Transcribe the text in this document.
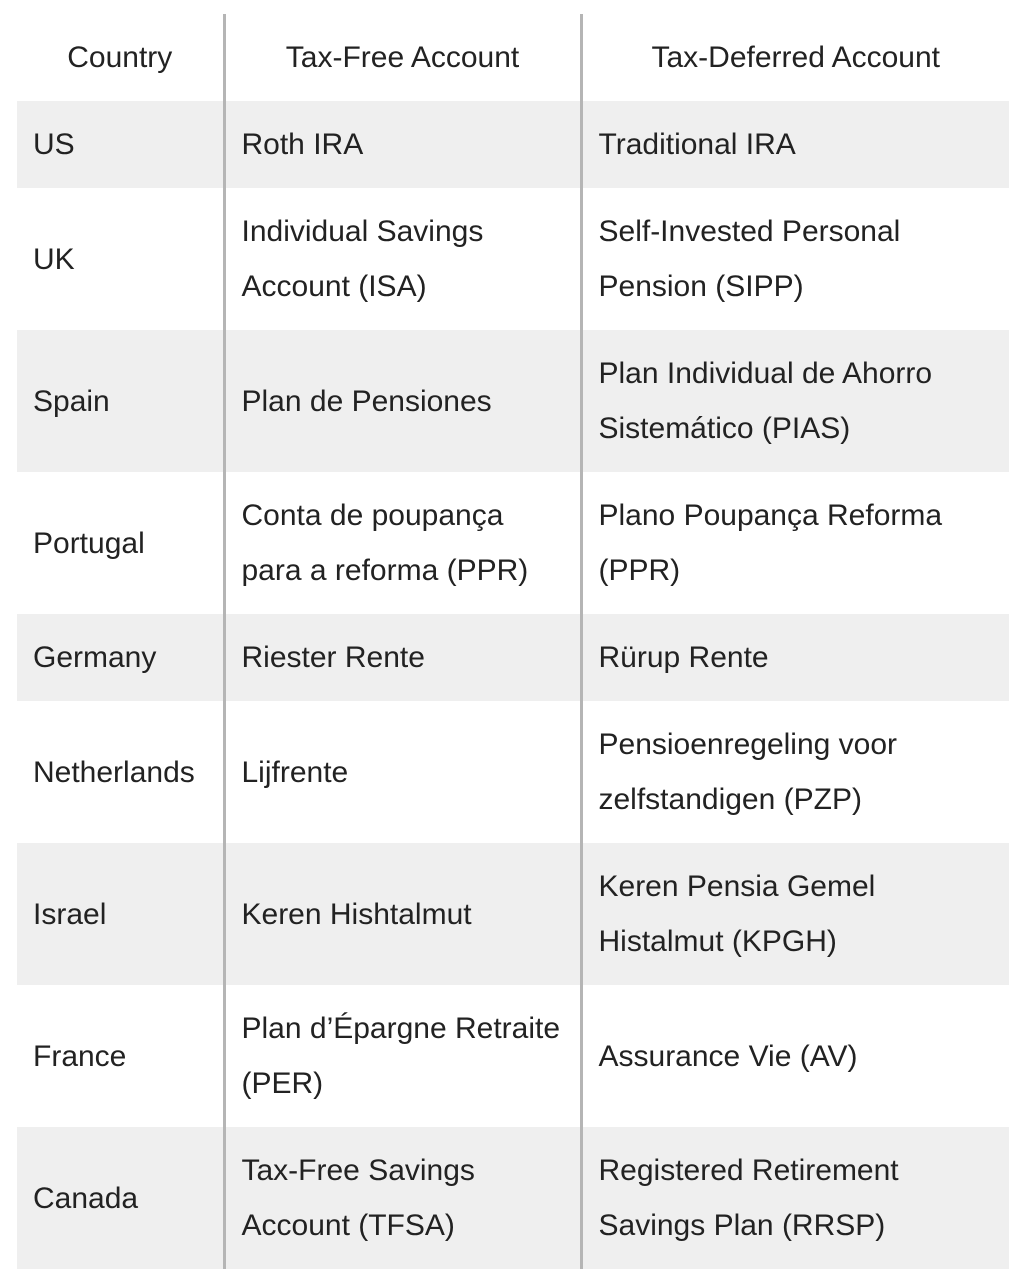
Country	Tax-Free Account	Tax-Deferred Account
US	Roth IRA	Traditional IRA
UK	Individual Savings Account (ISA)	Self-Invested Personal Pension (SIPP)
Spain	Plan de Pensiones	Plan Individual de Ahorro Sistemático (PIAS)
Portugal	Conta de poupança para a reforma (PPR)	Plano Poupança Reforma (PPR)
Germany	Riester Rente	Rürup Rente
Netherlands	Lijfrente	Pensioenregeling voor zelfstandigen (PZP)
Israel	Keren Hishtalmut	Keren Pensia Gemel Histalmut (KPGH)
France	Plan d’Épargne Retraite (PER)	Assurance Vie (AV)
Canada	Tax-Free Savings Account (TFSA)	Registered Retirement Savings Plan (RRSP)
